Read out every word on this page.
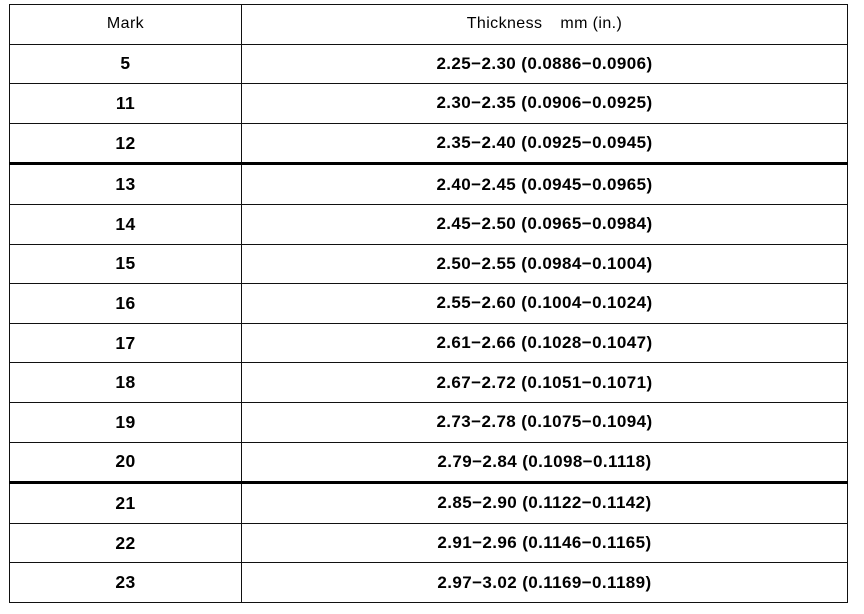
Mark	Thickness mm (in.)
5	2.25−2.30 (0.0886−0.0906)
11	2.30−2.35 (0.0906−0.0925)
12	2.35−2.40 (0.0925−0.0945)
13	2.40−2.45 (0.0945−0.0965)
14	2.45−2.50 (0.0965−0.0984)
15	2.50−2.55 (0.0984−0.1004)
16	2.55−2.60 (0.1004−0.1024)
17	2.61−2.66 (0.1028−0.1047)
18	2.67−2.72 (0.1051−0.1071)
19	2.73−2.78 (0.1075−0.1094)
20	2.79−2.84 (0.1098−0.1118)
21	2.85−2.90 (0.1122−0.1142)
22	2.91−2.96 (0.1146−0.1165)
23	2.97−3.02 (0.1169−0.1189)
